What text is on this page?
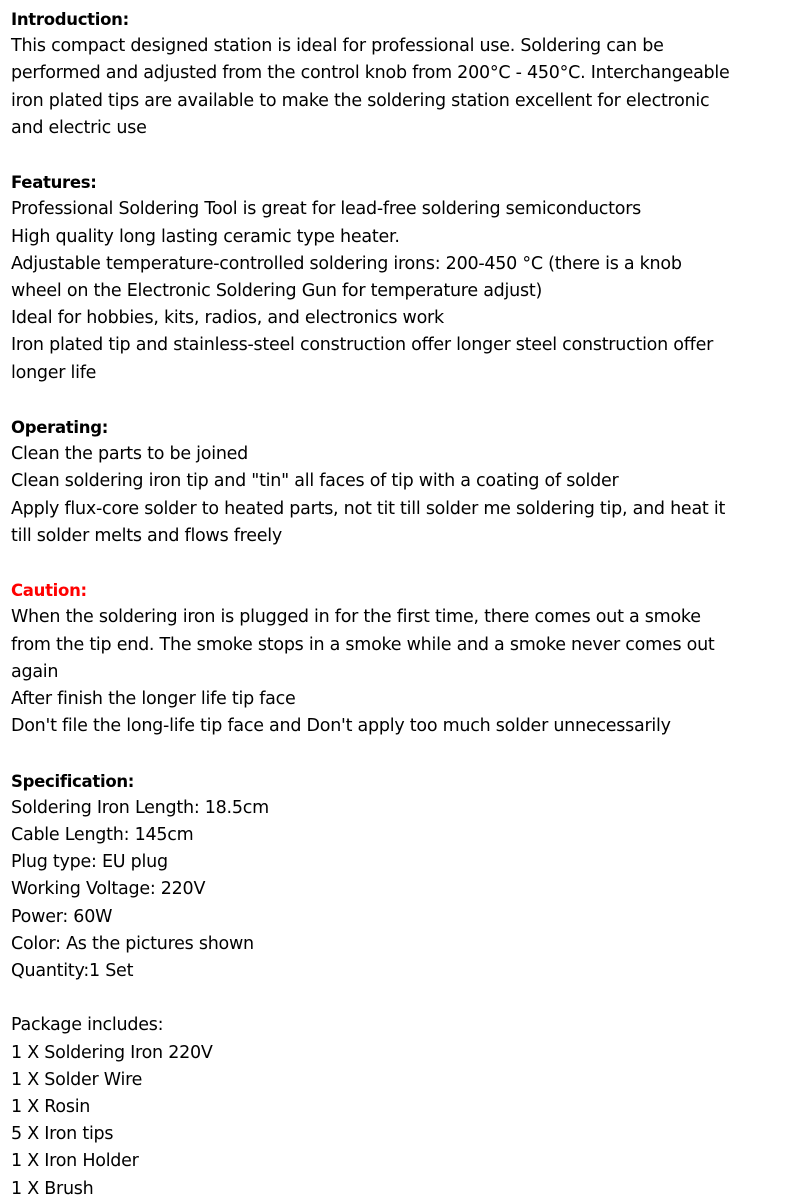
Introduction:
This compact designed station is ideal for professional use. Soldering can be
performed and adjusted from the control knob from 200°C - 450°C. Interchangeable
iron plated tips are available to make the soldering station excellent for electronic
and electric use
Features:
Professional Soldering Tool is great for lead-free soldering semiconductors
High quality long lasting ceramic type heater.
Adjustable temperature-controlled soldering irons: 200-450 °C (there is a knob
wheel on the Electronic Soldering Gun for temperature adjust)
Ideal for hobbies, kits, radios, and electronics work
Iron plated tip and stainless-steel construction offer longer steel construction offer
longer life
Operating:
Clean the parts to be joined
Clean soldering iron tip and "tin" all faces of tip with a coating of solder
Apply flux-core solder to heated parts, not tit till solder me soldering tip, and heat it
till solder melts and flows freely
Caution:
When the soldering iron is plugged in for the first time, there comes out a smoke
from the tip end. The smoke stops in a smoke while and a smoke never comes out
again
After finish the longer life tip face
Don't file the long-life tip face and Don't apply too much solder unnecessarily
Specification:
Soldering Iron Length: 18.5cm
Cable Length: 145cm
Plug type: EU plug
Working Voltage: 220V
Power: 60W
Color: As the pictures shown
Quantity:1 Set
Package includes:
1 X Soldering Iron 220V
1 X Solder Wire
1 X Rosin
5 X Iron tips
1 X Iron Holder
1 X Brush
